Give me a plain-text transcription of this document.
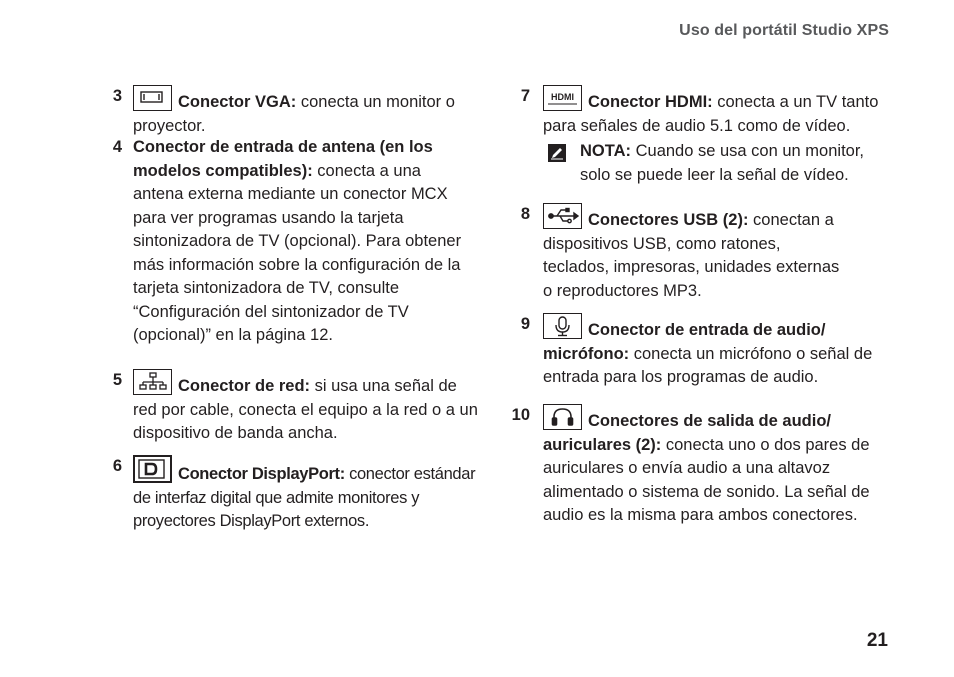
Uso del portátil Studio XPS
3	Conector VGA: conecta un monitor o proyector.
4 Conector de entrada de antena (en los modelos compatibles): conecta a una antena externa mediante un conector MCX para ver programas usando la tarjeta sintonizadora de TV (opcional). Para obtener más información sobre la configuración de la tarjeta sintonizadora de TV, consulte “Configuración del sintonizador de TV (opcional)” en la página 12.
5	Conector de red: si usa una señal de red por cable, conecta el equipo a la red o a un dispositivo de banda ancha.
6	Conector DisplayPort: conector estándar de interfaz digital que admite monitores y proyectores DisplayPort externos.
7 HDMI Conector HDMI: conecta a un TV tanto para señales de audio 5.1 como de vídeo.
NOTA: Cuando se usa con un monitor, solo se puede leer la señal de vídeo.
8	Conectores USB (2): conectan a dispositivos USB, como ratones, teclados, impresoras, unidades externas o reproductores MP3.
9	Conector de entrada de audio/ micrófono: conecta un micrófono o señal de entrada para los programas de audio.
10	Conectores de salida de audio/ auriculares (2): conecta uno o dos pares de auriculares o envía audio a una altavoz alimentado o sistema de sonido. La señal de audio es la misma para ambos conectores.
21
